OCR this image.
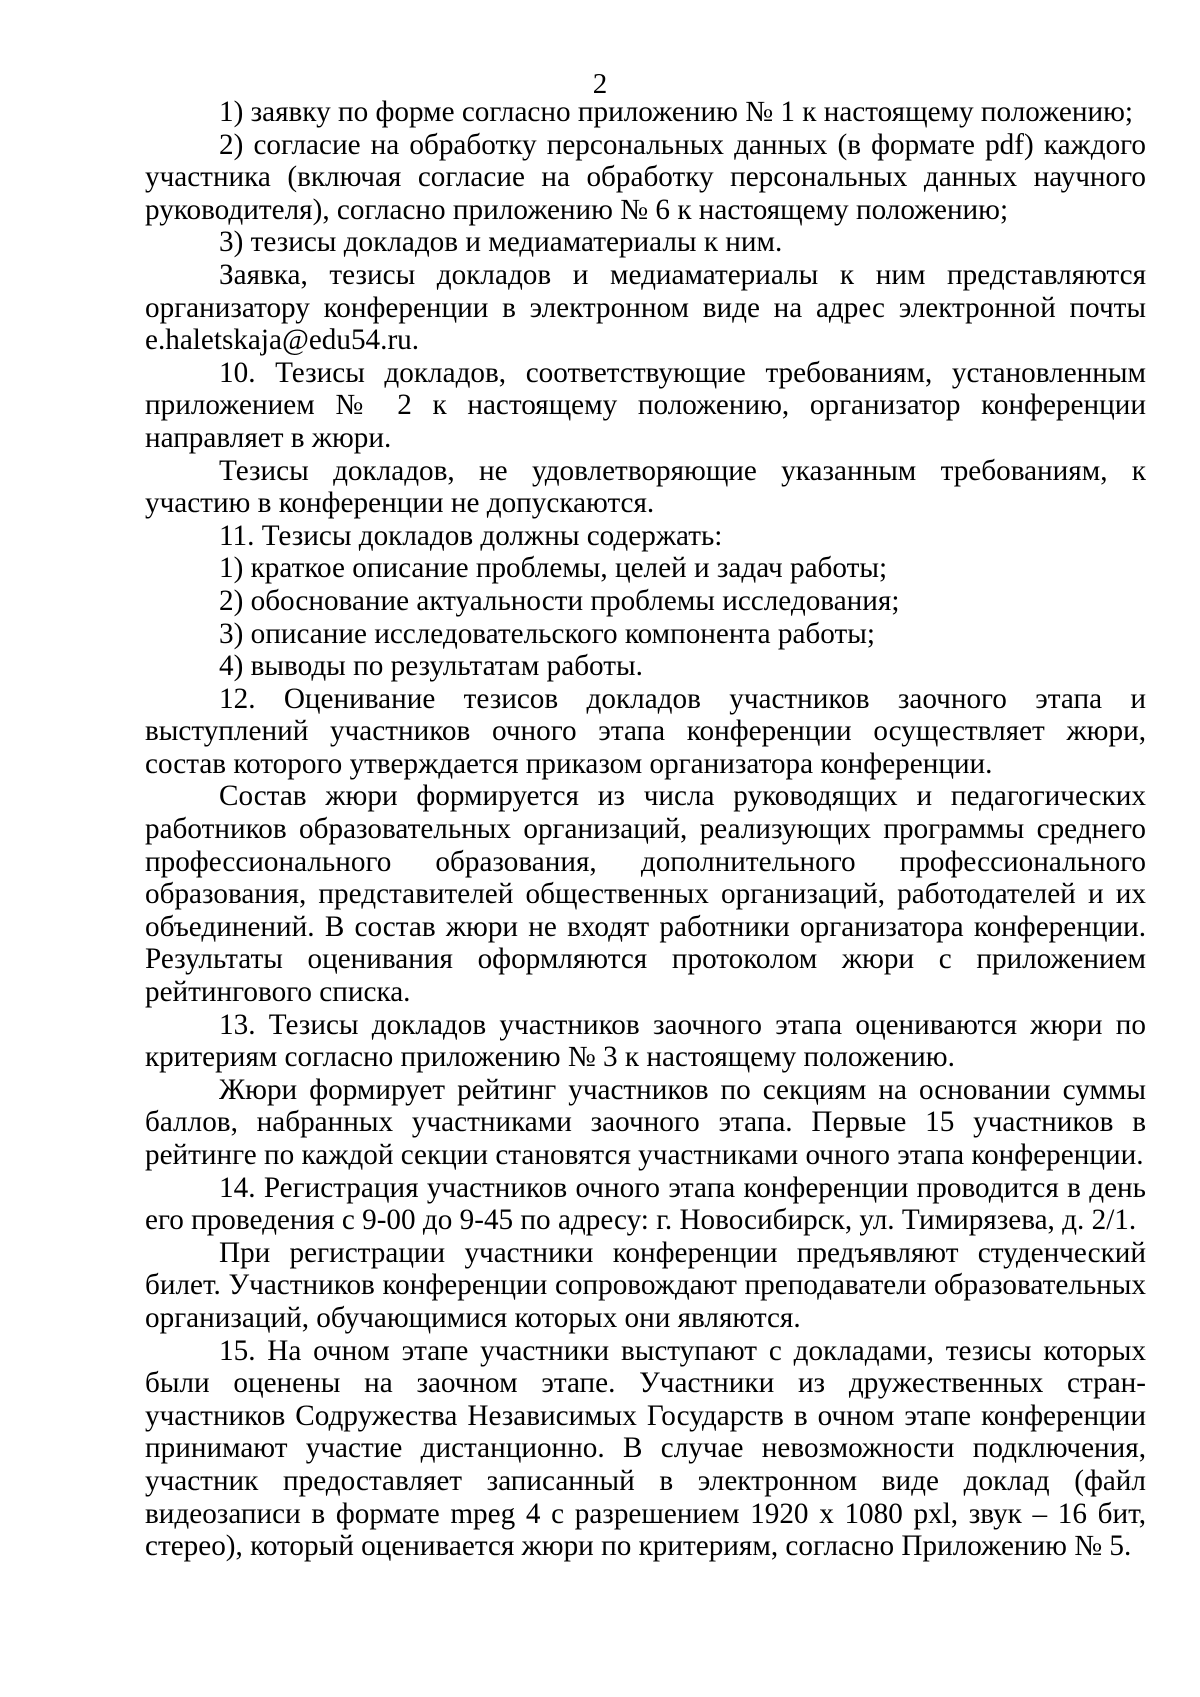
2

1) заявку по форме согласно приложению № 1 к настоящему положению;

2) согласие на обработку персональных данных (в формате pdf) каждого участника (включая согласие на обработку персональных данных научного руководителя), согласно приложению № 6 к настоящему положению;

3) тезисы докладов и медиаматериалы к ним.

Заявка, тезисы докладов и медиаматериалы к ним представляются организатору конференции в электронном виде на адрес электронной почты e.haletskaja@edu54.ru.

10. Тезисы докладов, соответствующие требованиям, установленным приложением № 2 к настоящему положению, организатор конференции направляет в жюри.

Тезисы докладов, не удовлетворяющие указанным требованиям, к участию в конференции не допускаются.

11. Тезисы докладов должны содержать:

1) краткое описание проблемы, целей и задач работы;

2) обоснование актуальности проблемы исследования;

3) описание исследовательского компонента работы;

4) выводы по результатам работы.

12. Оценивание тезисов докладов участников заочного этапа и выступлений участников очного этапа конференции осуществляет жюри, состав которого утверждается приказом организатора конференции.

Состав жюри формируется из числа руководящих и педагогических работников образовательных организаций, реализующих программы среднего профессионального образования, дополнительного профессионального образования, представителей общественных организаций, работодателей и их объединений. В состав жюри не входят работники организатора конференции. Результаты оценивания оформляются протоколом жюри с приложением рейтингового списка.

13. Тезисы докладов участников заочного этапа оцениваются жюри по критериям согласно приложению № 3 к настоящему положению.

Жюри формирует рейтинг участников по секциям на основании суммы баллов, набранных участниками заочного этапа. Первые 15 участников в рейтинге по каждой секции становятся участниками очного этапа конференции.

14. Регистрация участников очного этапа конференции проводится в день его проведения с 9-00 до 9-45 по адресу: г. Новосибирск, ул. Тимирязева, д. 2/1.

При регистрации участники конференции предъявляют студенческий билет. Участников конференции сопровождают преподаватели образовательных организаций, обучающимися которых они являются.

15. На очном этапе участники выступают с докладами, тезисы которых были оценены на заочном этапе. Участники из дружественных стран-участников Содружества Независимых Государств в очном этапе конференции принимают участие дистанционно. В случае невозможности подключения, участник предоставляет записанный в электронном виде доклад (файл видеозаписи в формате mpeg 4 с разрешением 1920 x 1080 pxl, звук – 16 бит, стерео), который оценивается жюри по критериям, согласно Приложению № 5.
